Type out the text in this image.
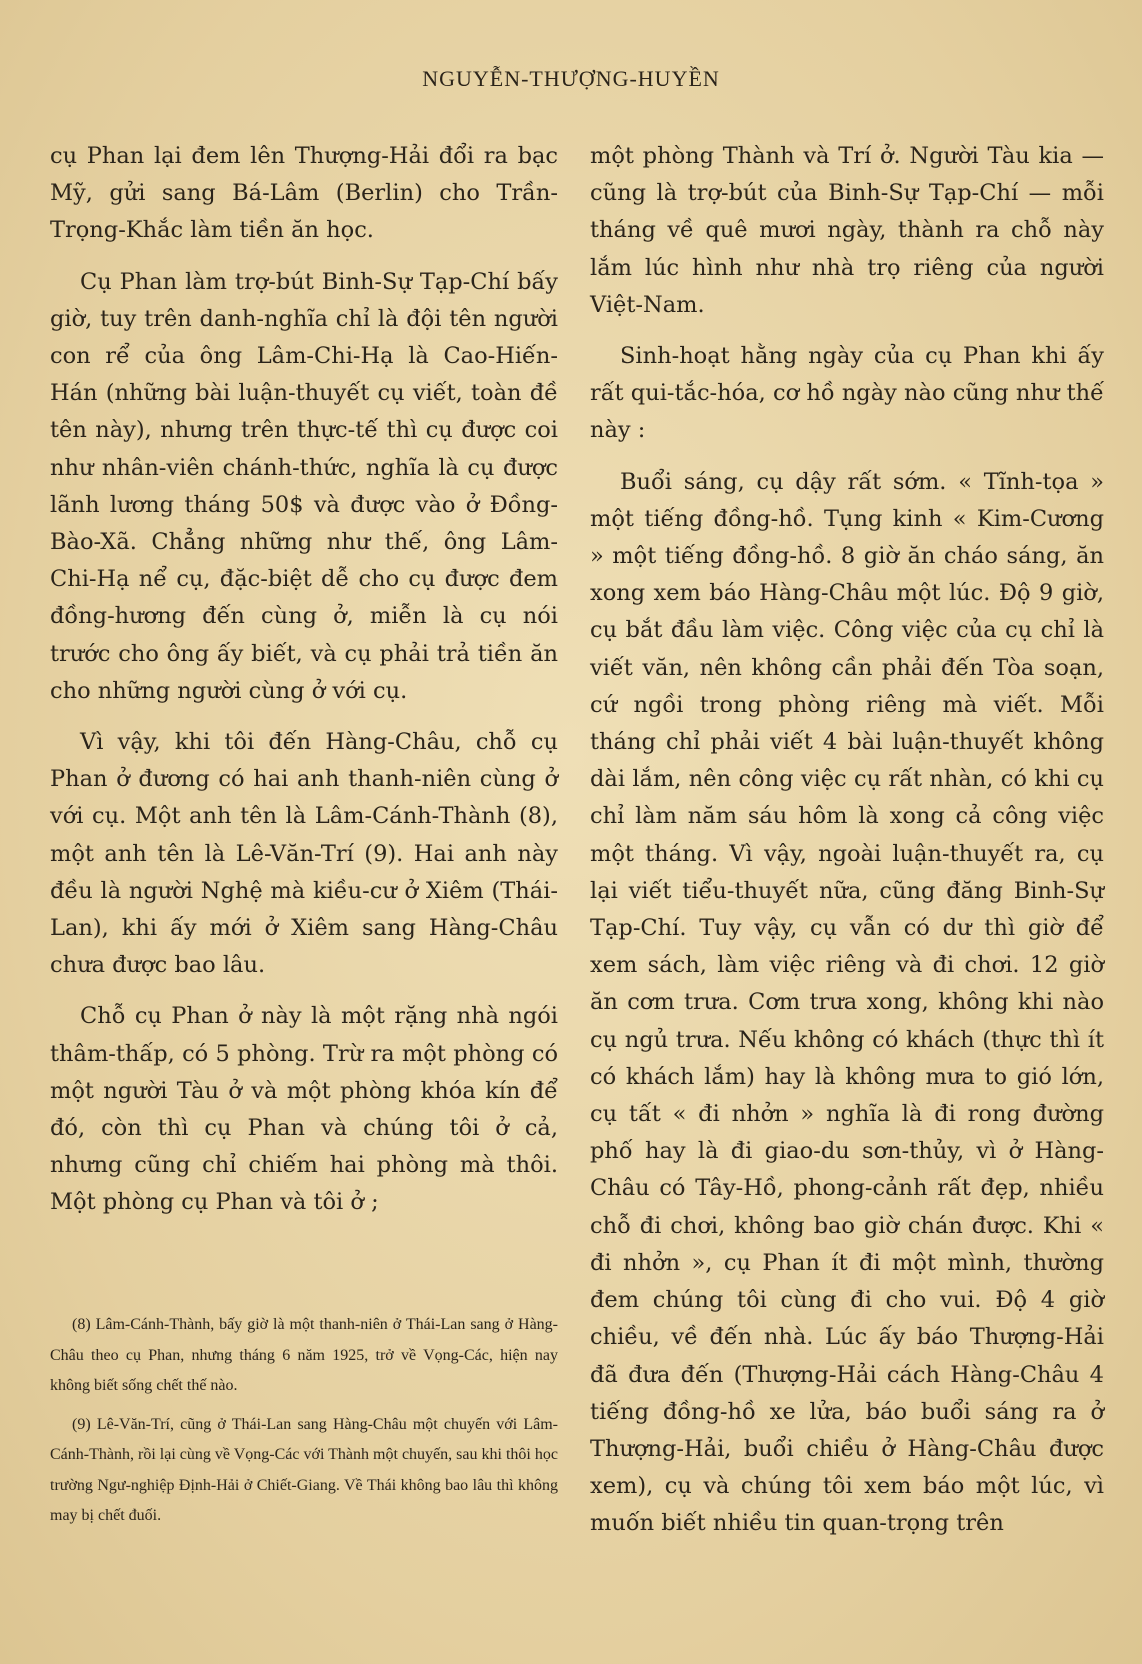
NGUYỄN-THƯỢNG-HUYỀN

cụ Phan lại đem lên Thượng-Hải đổi ra bạc Mỹ, gửi sang Bá-Lâm (Berlin) cho Trần-Trọng-Khắc làm tiền ăn học.

Cụ Phan làm trợ-bút Binh-Sự Tạp-Chí bấy giờ, tuy trên danh-nghĩa chỉ là đội tên người con rể của ông Lâm-Chi-Hạ là Cao-Hiến-Hán (những bài luận-thuyết cụ viết, toàn đề tên này), nhưng trên thực-tế thì cụ được coi như nhân-viên chánh-thức, nghĩa là cụ được lãnh lương tháng 50$ và được vào ở Đồng-Bào-Xã. Chẳng những như thế, ông Lâm-Chi-Hạ nể cụ, đặc-biệt dễ cho cụ được đem đồng-hương đến cùng ở, miễn là cụ nói trước cho ông ấy biết, và cụ phải trả tiền ăn cho những người cùng ở với cụ.

Vì vậy, khi tôi đến Hàng-Châu, chỗ cụ Phan ở đương có hai anh thanh-niên cùng ở với cụ. Một anh tên là Lâm-Cánh-Thành (8), một anh tên là Lê-Văn-Trí (9). Hai anh này đều là người Nghệ mà kiều-cư ở Xiêm (Thái-Lan), khi ấy mới ở Xiêm sang Hàng-Châu chưa được bao lâu.

Chỗ cụ Phan ở này là một rặng nhà ngói thâm-thấp, có 5 phòng. Trừ ra một phòng có một người Tàu ở và một phòng khóa kín để đó, còn thì cụ Phan và chúng tôi ở cả, nhưng cũng chỉ chiếm hai phòng mà thôi. Một phòng cụ Phan và tôi ở ;

(8) Lâm-Cánh-Thành, bấy giờ là một thanh-niên ở Thái-Lan sang ở Hàng-Châu theo cụ Phan, nhưng tháng 6 năm 1925, trở về Vọng-Các, hiện nay không biết sống chết thế nào.

(9) Lê-Văn-Trí, cũng ở Thái-Lan sang Hàng-Châu một chuyến với Lâm-Cánh-Thành, rồi lại cùng về Vọng-Các với Thành một chuyến, sau khi thôi học trường Ngư-nghiệp Định-Hải ở Chiết-Giang. Về Thái không bao lâu thì không may bị chết đuối.

một phòng Thành và Trí ở. Người Tàu kia — cũng là trợ-bút của Binh-Sự Tạp-Chí — mỗi tháng về quê mươi ngày, thành ra chỗ này lắm lúc hình như nhà trọ riêng của người Việt-Nam.

Sinh-hoạt hằng ngày của cụ Phan khi ấy rất qui-tắc-hóa, cơ hồ ngày nào cũng như thế này :

Buổi sáng, cụ dậy rất sớm. « Tĩnh-tọa » một tiếng đồng-hồ. Tụng kinh « Kim-Cương » một tiếng đồng-hồ. 8 giờ ăn cháo sáng, ăn xong xem báo Hàng-Châu một lúc. Độ 9 giờ, cụ bắt đầu làm việc. Công việc của cụ chỉ là viết văn, nên không cần phải đến Tòa soạn, cứ ngồi trong phòng riêng mà viết. Mỗi tháng chỉ phải viết 4 bài luận-thuyết không dài lắm, nên công việc cụ rất nhàn, có khi cụ chỉ làm năm sáu hôm là xong cả công việc một tháng. Vì vậy, ngoài luận-thuyết ra, cụ lại viết tiểu-thuyết nữa, cũng đăng Binh-Sự Tạp-Chí. Tuy vậy, cụ vẫn có dư thì giờ để xem sách, làm việc riêng và đi chơi. 12 giờ ăn cơm trưa. Cơm trưa xong, không khi nào cụ ngủ trưa. Nếu không có khách (thực thì ít có khách lắm) hay là không mưa to gió lớn, cụ tất « đi nhởn » nghĩa là đi rong đường phố hay là đi giao-du sơn-thủy, vì ở Hàng-Châu có Tây-Hồ, phong-cảnh rất đẹp, nhiều chỗ đi chơi, không bao giờ chán được. Khi « đi nhởn », cụ Phan ít đi một mình, thường đem chúng tôi cùng đi cho vui. Độ 4 giờ chiều, về đến nhà. Lúc ấy báo Thượng-Hải đã đưa đến (Thượng-Hải cách Hàng-Châu 4 tiếng đồng-hồ xe lửa, báo buổi sáng ra ở Thượng-Hải, buổi chiều ở Hàng-Châu được xem), cụ và chúng tôi xem báo một lúc, vì muốn biết nhiều tin quan-trọng trên
